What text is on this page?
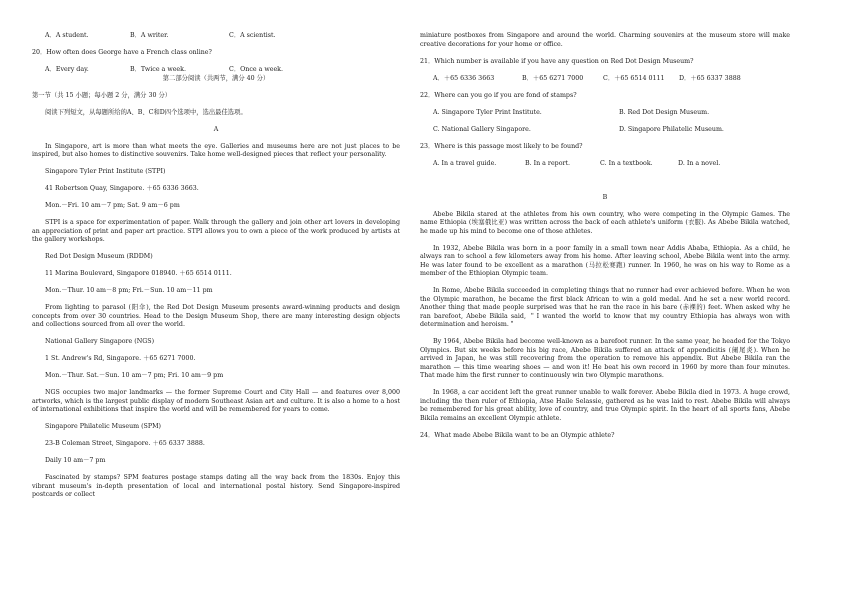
A．A student.	B．A writer.	C．A scientist.
20．How often does George have a French class online?
A．Every day.	B．Twice a week.	C．Once a week.
第二部分阅读（共两节，满分 40 分）
第一节（共 15 小题；每小题 2 分，满分 30 分）
阅读下列短文，从每题所给的A、B、C和D四个选项中，选出最佳选项。
A

In Singapore, art is more than what meets the eye. Galleries and museums here are not just places to be inspired, but also homes to distinctive souvenirs. Take home well-designed pieces that reflect your personality.

Singapore Tyler Print Institute (STPI)
41 Robertson Quay, Singapore. ＋65 6336 3663.
Mon.－Fri. 10 am－7 pm; Sat. 9 am－6 pm

STPI is a space for experimentation of paper. Walk through the gallery and join other art lovers in developing an appreciation of print and paper art practice. STPI allows you to own a piece of the work produced by artists at the gallery workshops.

Red Dot Design Museum (RDDM)
11 Marina Boulevard, Singapore 018940. ＋65 6514 0111.
Mon.－Thur. 10 am－8 pm; Fri.－Sun. 10 am－11 pm

From lighting to parasol (阳伞), the Red Dot Design Museum presents award-winning products and design concepts from over 30 countries. Head to the Design Museum Shop, there are many interesting design objects and collections sourced from all over the world.

National Gallery Singapore (NGS)
1 St. Andrew's Rd, Singapore. ＋65 6271 7000.
Mon.－Thur. Sat.－Sun. 10 am－7 pm; Fri. 10 am－9 pm

NGS occupies two major landmarks — the former Supreme Court and City Hall — and features over 8,000 artworks, which is the largest public display of modern Southeast Asian art and culture. It is also a home to a host of international exhibitions that inspire the world and will be remembered for years to come.

Singapore Philatelic Museum (SPM)
23-B Coleman Street, Singapore. ＋65 6337 3888.
Daily 10 am－7 pm

Fascinated by stamps? SPM features postage stamps dating all the way back from the 1830s. Enjoy this vibrant museum's in-depth presentation of local and international postal history. Send Singapore-inspired postcards or collect

miniature postboxes from Singapore and around the world. Charming souvenirs at the museum store will make creative decorations for your home or office.

21．Which number is available if you have any question on Red Dot Design Museum?
A．＋65 6336 3663	B．＋65 6271 7000	C．＋65 6514 0111 D．＋65 6337 3888
22．Where can you go if you are fond of stamps?
A. Singapore Tyler Print Institute.	B. Red Dot Design Museum.
C. National Gallery Singapore.	D. Singapore Philatelic Museum.
23．Where is this passage most likely to be found?
A. In a travel guide.	B. In a report.	C. In a textbook.	D. In a novel.
B

Abebe Bikila stared at the athletes from his own country, who were competing in the Olympic Games. The name Ethiopia (埃塞俄比亚) was written across the back of each athlete's uniform (衣服). As Abebe Bikila watched, he made up his mind to become one of those athletes.

In 1932, Abebe Bikila was born in a poor family in a small town near Addis Ababa, Ethiopia. As a child, he always ran to school a few kilometers away from his home. After leaving school, Abebe Bikila went into the army. He was later found to be excellent as a marathon (马拉松赛跑) runner. In 1960, he was on his way to Rome as a member of the Ethiopian Olympic team.

In Rome, Abebe Bikila succeeded in completing things that no runner had ever achieved before. When he won the Olympic marathon, he became the first black African to win a gold medal. And he set a new world record. Another thing that made people surprised was that he ran the race in his bare (赤裸的) feet. When asked why he ran barefoot, Abebe Bikila said, ＂I wanted the world to know that my country Ethiopia has always won with determination and heroism.＂

By 1964, Abebe Bikila had become well-known as a barefoot runner. In the same year, he headed for the Tokyo Olympics. But six weeks before his big race, Abebe Bikila suffered an attack of appendicitis (阑尾炎). When he arrived in Japan, he was still recovering from the operation to remove his appendix. But Abebe Bikila ran the marathon — this time wearing shoes — and won it! He beat his own record in 1960 by more than four minutes. That made him the first runner to continuously win two Olympic marathons.

In 1968, a car accident left the great runner unable to walk forever. Abebe Bikila died in 1973. A huge crowd, including the then ruler of Ethiopia, Atse Haile Selassie, gathered as he was laid to rest. Abebe Bikila will always be remembered for his great ability, love of country, and true Olympic spirit. In the heart of all sports fans, Abebe Bikila remains an excellent Olympic athlete.

24．What made Abebe Bikila want to be an Olympic athlete?
